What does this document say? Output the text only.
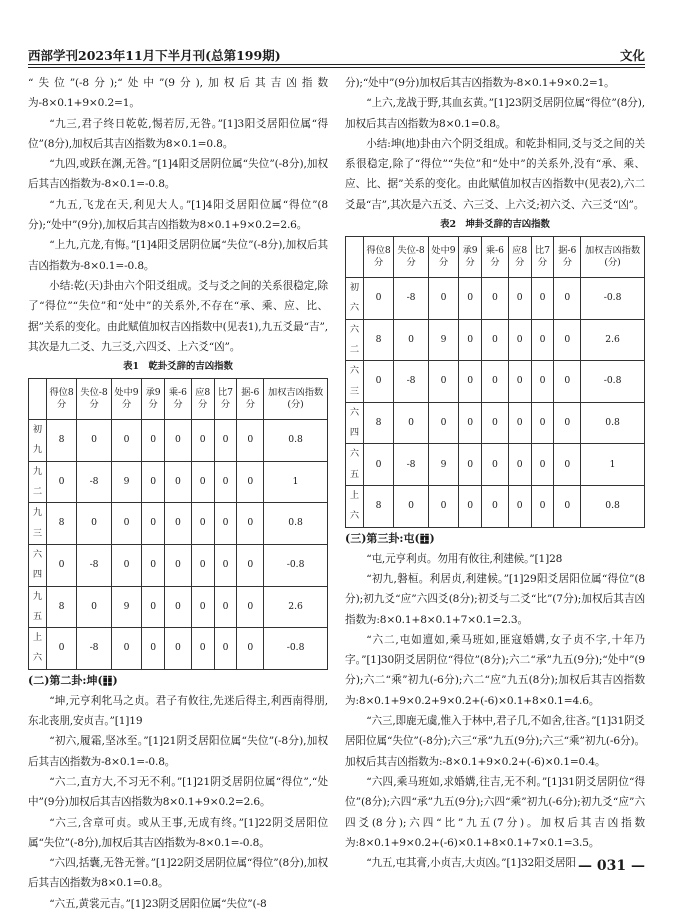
西部学刊2023年11月下半月刊(总第199期)	文化

“失位”(-8分);“处中”(9分),加权后其吉凶指数为-8×0.1+9×0.2=1。

“九三,君子终日乾乾,惕若厉,无咎。”[1]3阳爻居阳位属“得位”(8分),加权后其吉凶指数为8×0.1=0.8。

“九四,或跃在渊,无咎。”[1]4阳爻居阴位属“失位”(-8分),加权后其吉凶指数为-8×0.1=-0.8。

“九五,飞龙在天,利见大人。”[1]4阳爻居阳位属“得位”(8分);“处中”(9分),加权后其吉凶指数为8×0.1+9×0.2=2.6。

“上九,亢龙,有悔。”[1]4阳爻居阴位属“失位”(-8分),加权后其吉凶指数为-8×0.1=-0.8。

小结:乾(天)卦由六个阳爻组成。爻与爻之间的关系很稳定,除了“得位”“失位”和“处中”的关系外,不存在“承、乘、应、比、据”关系的变化。由此赋值加权吉凶指数中(见表1),九五爻最“吉”,其次是九二爻、九三爻,六四爻、上六爻“凶”。

表1　乾卦爻辞的吉凶指数
	得位8分	失位-8分	处中9分	承9分	乘-6分	应8分	比7分	据-6分	加权吉凶指数(分)
初九	8	0	0	0	0	0	0	0	0.8
九二	0	-8	9	0	0	0	0	0	1
九三	8	0	0	0	0	0	0	0	0.8
六四	0	-8	0	0	0	0	0	0	-0.8
九五	8	0	9	0	0	0	0	0	2.6
上六	0	-8	0	0	0	0	0	0	-0.8
(二)第二卦:坤(䷁)

“坤,元亨利牝马之贞。君子有攸往,先迷后得主,利西南得朋,东北丧朋,安贞吉。”[1]19

“初六,履霜,坚冰至。”[1]21阴爻居阳位属“失位”(-8分),加权后其吉凶指数为-8×0.1=-0.8。

“六二,直方大,不习无不利。”[1]21阴爻居阴位属“得位”,“处中”(9分)加权后其吉凶指数为8×0.1+9×0.2=2.6。

“六三,含章可贞。或从王事,无成有终。”[1]22阴爻居阳位属“失位”(-8分),加权后其吉凶指数为-8×0.1=-0.8。

“六四,括囊,无咎无誉。”[1]22阴爻居阴位属“得位”(8分),加权后其吉凶指数为8×0.1=0.8。

“六五,黄裳元吉。”[1]23阴爻居阳位属“失位”(-8

分);“处中”(9分)加权后其吉凶指数为-8×0.1+9×0.2=1。

“上六,龙战于野,其血玄黄。”[1]23阴爻居阴位属“得位”(8分),加权后其吉凶指数为8×0.1=0.8。

小结:坤(地)卦由六个阴爻组成。和乾卦相同,爻与爻之间的关系很稳定,除了“得位”“失位”和“处中”的关系外,没有“承、乘、应、比、据”关系的变化。由此赋值加权吉凶指数中(见表2),六二爻最“吉”,其次是六五爻、六三爻、上六爻;初六爻、六三爻“凶”。

表2　坤卦爻辞的吉凶指数
	得位8分	失位-8分	处中9分	承9分	乘-6分	应8分	比7分	据-6分	加权吉凶指数(分)
初六	0	-8	0	0	0	0	0	0	-0.8
六二	8	0	9	0	0	0	0	0	2.6
六三	0	-8	0	0	0	0	0	0	-0.8
六四	8	0	0	0	0	0	0	0	0.8
六五	0	-8	9	0	0	0	0	0	1
上六	8	0	0	0	0	0	0	0	0.8
(三)第三卦:屯(䷂)

“屯,元亨利贞。勿用有攸往,利建候。”[1]28

“初九,磐桓。利居贞,利建候。”[1]29阳爻居阳位属“得位”(8分);初九爻“应”六四爻(8分);初爻与二爻“比”(7分);加权后其吉凶指数为:8×0.1+8×0.1+7×0.1=2.3。

“六二,屯如邅如,乘马班如,匪寇婚媾,女子贞不字,十年乃字。”[1]30阴爻居阴位“得位”(8分);六二“承”九五(9分);“处中”(9分);六二“乘”初九(-6分);六二“应”九五(8分);加权后其吉凶指数为:8×0.1+9×0.2+9×0.2+(-6)×0.1+8×0.1=4.6。

“六三,即鹿无虞,惟入于林中,君子几,不如舍,往吝。”[1]31阴爻居阳位属“失位”(-8分);六三“承”九五(9分);六三“乘”初九(-6分)。加权后其吉凶指数为:-8×0.1+9×0.2+(-6)×0.1=0.4。

“六四,乘马班如,求婚媾,往吉,无不利。”[1]31阴爻居阴位“得位”(8分);六四“承”九五(9分);六四“乘”初九(-6分);初九爻“应”六四爻(8分);六四“比”九五(7分)。加权后其吉凶指数为:8×0.1+9×0.2+(-6)×0.1+8×0.1+7×0.1=3.5。

“九五,屯其膏,小贞吉,大贞凶。”[1]32阳爻居阳 — 031 —
